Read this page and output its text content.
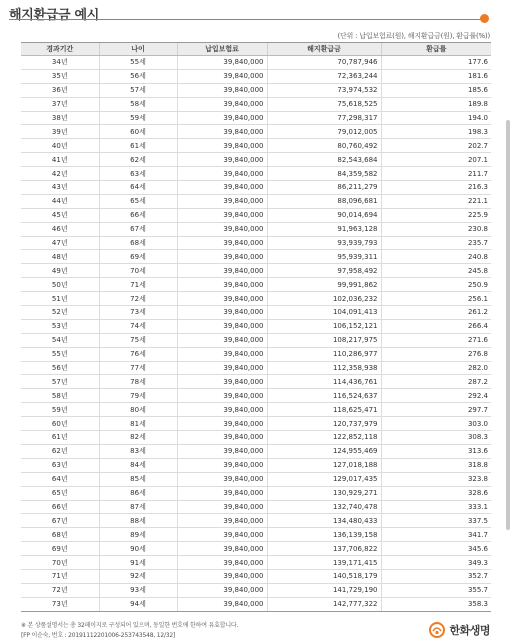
해지환급금 예시
(단위 : 납입보험료(원), 해지환급금(원), 환급률(%))
경과기간	나이	납입보험료	해지환급금	환급률
34년	55세	39,840,000	70,787,946	177.6
35년	56세	39,840,000	72,363,244	181.6
36년	57세	39,840,000	73,974,532	185.6
37년	58세	39,840,000	75,618,525	189.8
38년	59세	39,840,000	77,298,317	194.0
39년	60세	39,840,000	79,012,005	198.3
40년	61세	39,840,000	80,760,492	202.7
41년	62세	39,840,000	82,543,684	207.1
42년	63세	39,840,000	84,359,582	211.7
43년	64세	39,840,000	86,211,279	216.3
44년	65세	39,840,000	88,096,681	221.1
45년	66세	39,840,000	90,014,694	225.9
46년	67세	39,840,000	91,963,128	230.8
47년	68세	39,840,000	93,939,793	235.7
48년	69세	39,840,000	95,939,311	240.8
49년	70세	39,840,000	97,958,492	245.8
50년	71세	39,840,000	99,991,862	250.9
51년	72세	39,840,000	102,036,232	256.1
52년	73세	39,840,000	104,091,413	261.2
53년	74세	39,840,000	106,152,121	266.4
54년	75세	39,840,000	108,217,975	271.6
55년	76세	39,840,000	110,286,977	276.8
56년	77세	39,840,000	112,358,938	282.0
57년	78세	39,840,000	114,436,761	287.2
58년	79세	39,840,000	116,524,637	292.4
59년	80세	39,840,000	118,625,471	297.7
60년	81세	39,840,000	120,737,979	303.0
61년	82세	39,840,000	122,852,118	308.3
62년	83세	39,840,000	124,955,469	313.6
63년	84세	39,840,000	127,018,188	318.8
64년	85세	39,840,000	129,017,435	323.8
65년	86세	39,840,000	130,929,271	328.6
66년	87세	39,840,000	132,740,478	333.1
67년	88세	39,840,000	134,480,433	337.5
68년	89세	39,840,000	136,139,158	341.7
69년	90세	39,840,000	137,706,822	345.6
70년	91세	39,840,000	139,171,415	349.3
71년	92세	39,840,000	140,518,179	352.7
72년	93세	39,840,000	141,729,190	355.7
73년	94세	39,840,000	142,777,322	358.3
※ 본 상품설명서는 총 32페이지로 구성되어 있으며, 동일한 번호에 한하여 유효합니다.
[FP 이순숙, 번호 : 20191112201006-253743548, 12/32]	한화생명
